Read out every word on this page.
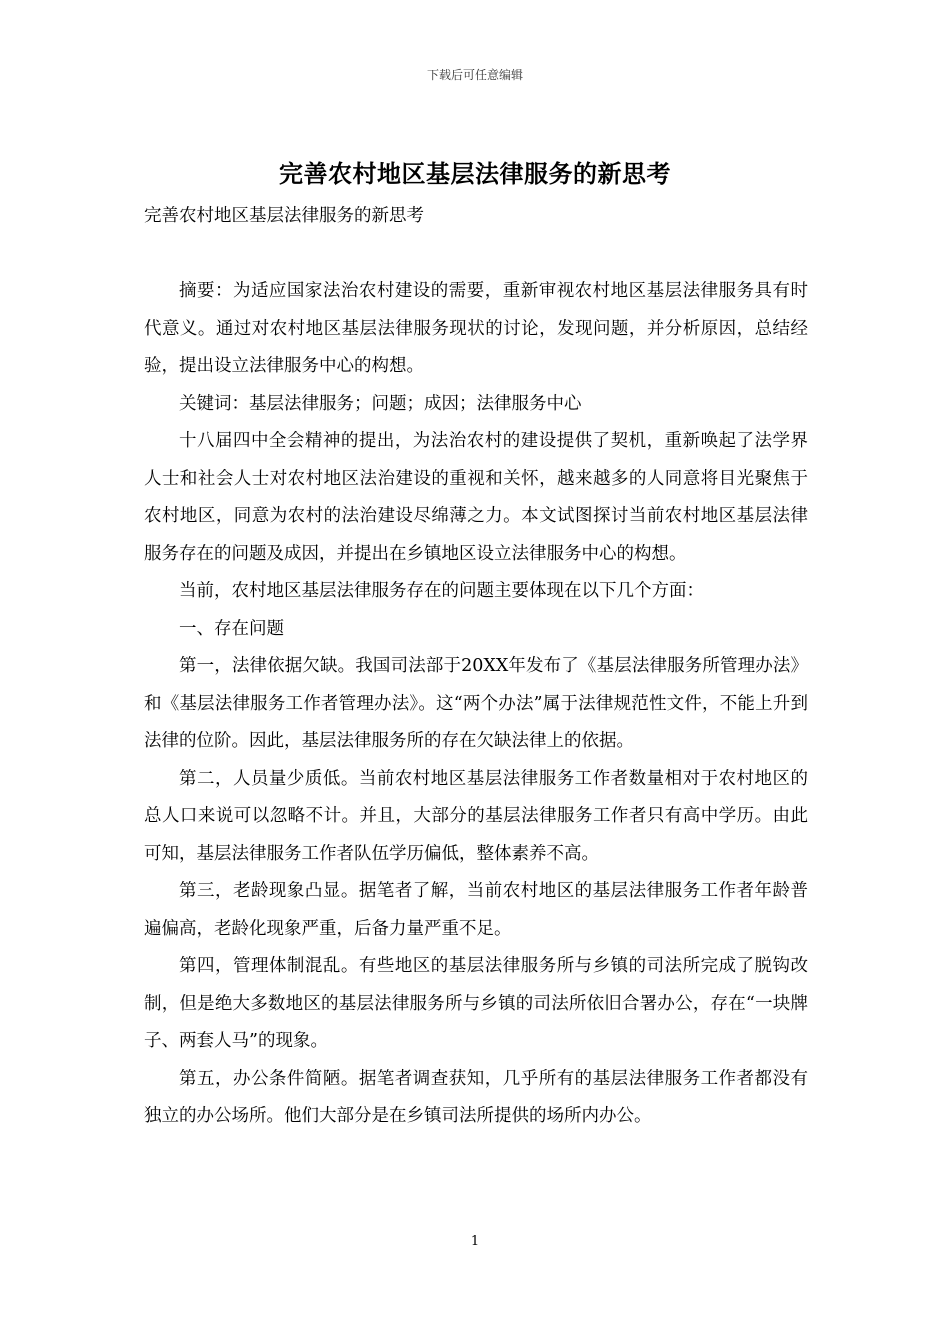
下载后可任意编辑
完善农村地区基层法律服务的新思考

完善农村地区基层法律服务的新思考

摘要：为适应国家法治农村建设的需要，重新审视农村地区基层法律服务具有时代意义。通过对农村地区基层法律服务现状的讨论，发现问题，并分析原因，总结经验，提出设立法律服务中心的构想。

关键词：基层法律服务；问题；成因；法律服务中心

十八届四中全会精神的提出，为法治农村的建设提供了契机，重新唤起了法学界人士和社会人士对农村地区法治建设的重视和关怀，越来越多的人同意将目光聚焦于农村地区，同意为农村的法治建设尽绵薄之力。本文试图探讨当前农村地区基层法律服务存在的问题及成因，并提出在乡镇地区设立法律服务中心的构想。

当前，农村地区基层法律服务存在的问题主要体现在以下几个方面：

一、存在问题

第一，法律依据欠缺。我国司法部于20XX年发布了《基层法律服务所管理办法》和《基层法律服务工作者管理办法》。这“两个办法”属于法律规范性文件，不能上升到法律的位阶。因此，基层法律服务所的存在欠缺法律上的依据。

第二，人员量少质低。当前农村地区基层法律服务工作者数量相对于农村地区的总人口来说可以忽略不计。并且，大部分的基层法律服务工作者只有高中学历。由此可知，基层法律服务工作者队伍学历偏低，整体素养不高。

第三，老龄现象凸显。据笔者了解，当前农村地区的基层法律服务工作者年龄普遍偏高，老龄化现象严重，后备力量严重不足。

第四，管理体制混乱。有些地区的基层法律服务所与乡镇的司法所完成了脱钩改制，但是绝大多数地区的基层法律服务所与乡镇的司法所依旧合署办公，存在“一块牌子、两套人马”的现象。

第五，办公条件简陋。据笔者调查获知，几乎所有的基层法律服务工作者都没有独立的办公场所。他们大部分是在乡镇司法所提供的场所内办公。

1
